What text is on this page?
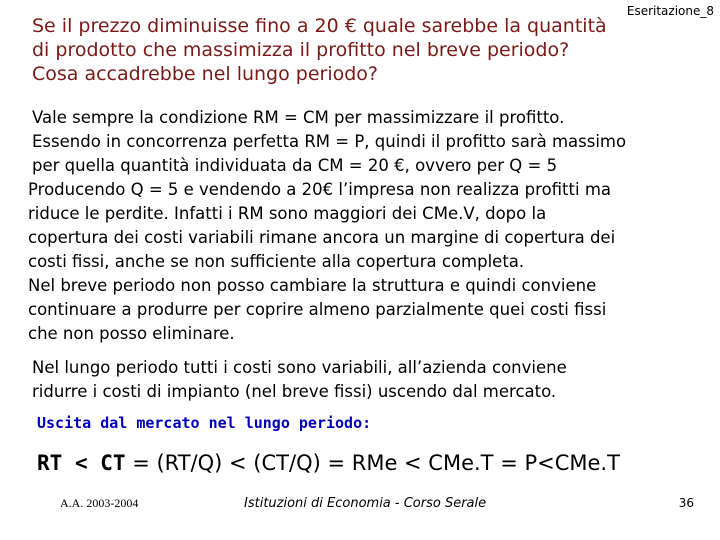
Eseritazione_8
Se il prezzo diminuisse fino a 20 € quale sarebbe la quantità
di prodotto che massimizza il profitto nel breve periodo?
Cosa accadrebbe nel lungo periodo?
Vale sempre la condizione RM = CM per massimizzare il profitto.
Essendo in concorrenza perfetta RM = P, quindi il profitto sarà massimo
per quella quantità individuata da CM = 20 €, ovvero per Q = 5
Producendo Q = 5 e vendendo a 20€ l’impresa non realizza profitti ma
riduce le perdite. Infatti i RM sono maggiori dei CMe.V, dopo la
copertura dei costi variabili rimane ancora un margine di copertura dei
costi fissi, anche se non sufficiente alla copertura completa.
Nel breve periodo non posso cambiare la struttura e quindi conviene
continuare a produrre per coprire almeno parzialmente quei costi fissi
che non posso eliminare.
Nel lungo periodo tutti i costi sono variabili, all’azienda conviene
ridurre i costi di impianto (nel breve fissi) uscendo dal mercato.
Uscita dal mercato nel lungo periodo:
RT < CT = (RT/Q) < (CT/Q) = RMe < CMe.T = P<CMe.T
A.A. 2003-2004	Istituzioni di Economia - Corso Serale	36
